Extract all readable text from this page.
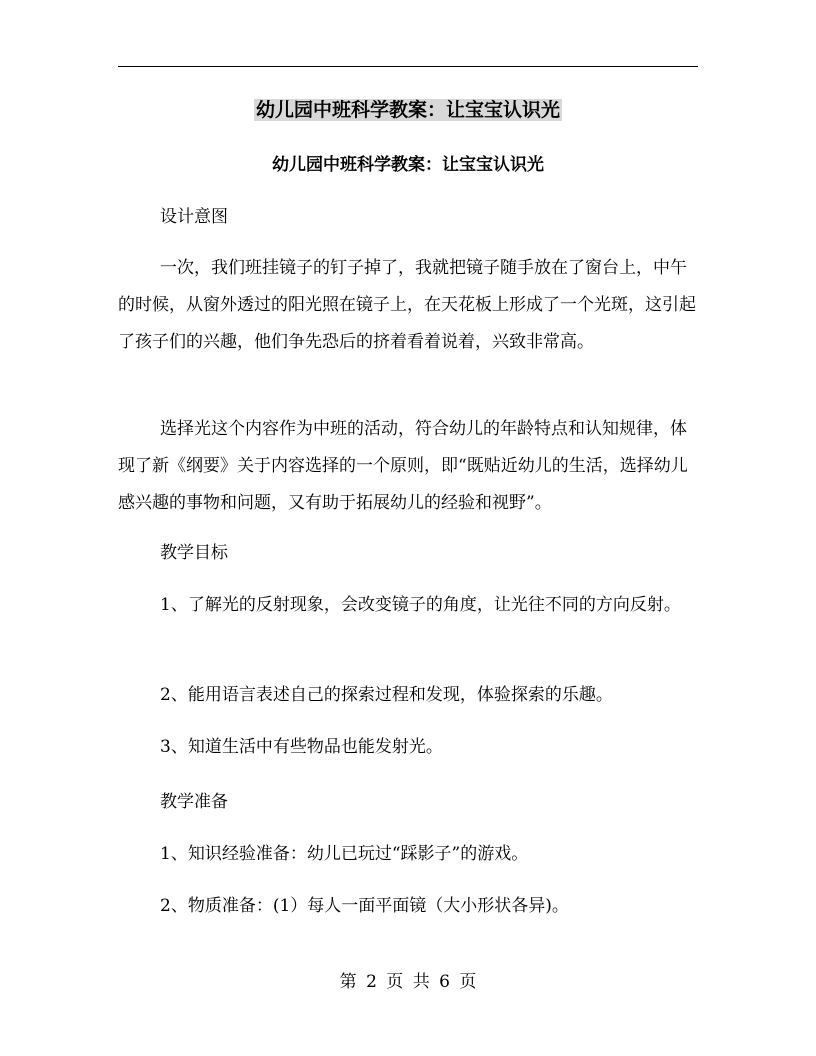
幼儿园中班科学教案：让宝宝认识光
幼儿园中班科学教案：让宝宝认识光

设计意图

一次，我们班挂镜子的钉子掉了，我就把镜子随手放在了窗台上，中午的时候，从窗外透过的阳光照在镜子上，在天花板上形成了一个光斑，这引起了孩子们的兴趣，他们争先恐后的挤着看着说着，兴致非常高。

选择光这个内容作为中班的活动，符合幼儿的年龄特点和认知规律，体现了新《纲要》关于内容选择的一个原则，即“既贴近幼儿的生活，选择幼儿感兴趣的事物和问题，又有助于拓展幼儿的经验和视野”。

教学目标

1、了解光的反射现象，会改变镜子的角度，让光往不同的方向反射。

2、能用语言表述自己的探索过程和发现，体验探索的乐趣。

3、知道生活中有些物品也能发射光。

教学准备

1、知识经验准备：幼儿已玩过“踩影子”的游戏。

2、物质准备：(1）每人一面平面镜（大小形状各异)。

第 2 页 共 6 页
